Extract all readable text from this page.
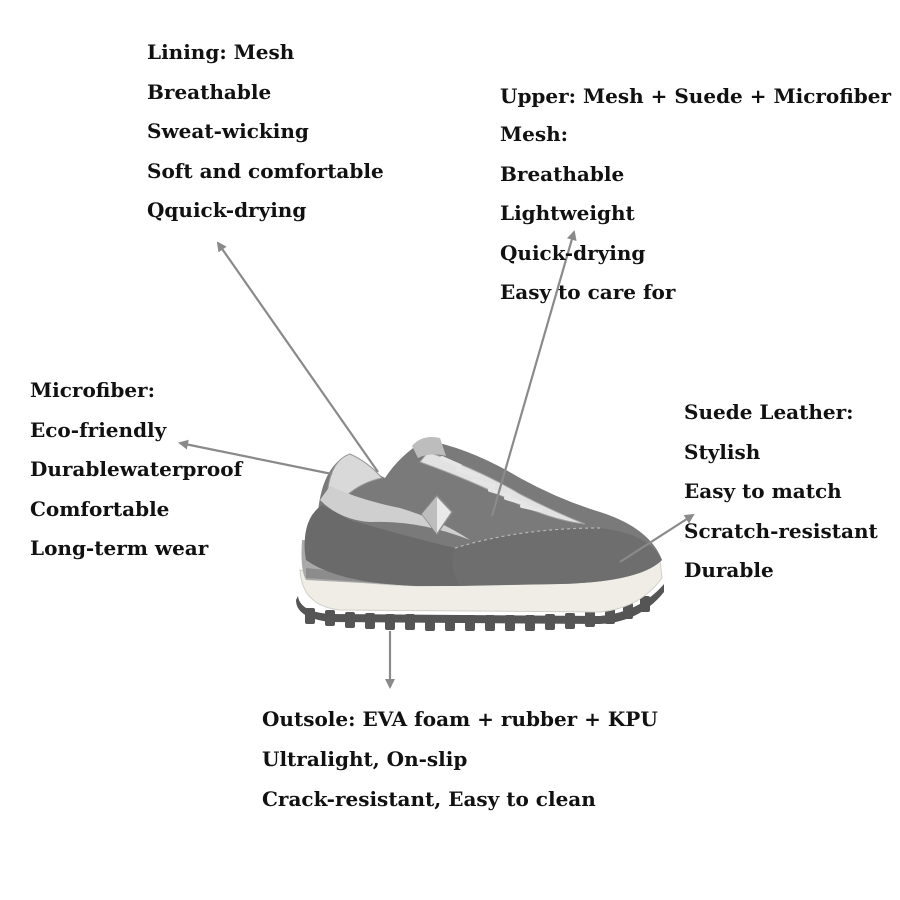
Lining: Mesh
Breathable
Sweat-wicking
Soft and comfortable
Qquick-drying
Upper: Mesh + Suede + Microfiber
Mesh:
Breathable
Lightweight
Quick-drying
Easy to care for
Microfiber:
Eco-friendly
Durablewaterproof
Comfortable
Long-term wear
Suede Leather:
Stylish
Easy to match
Scratch-resistant
Durable
Outsole: EVA foam + rubber + KPU
Ultralight, On-slip
Crack-resistant, Easy to clean
